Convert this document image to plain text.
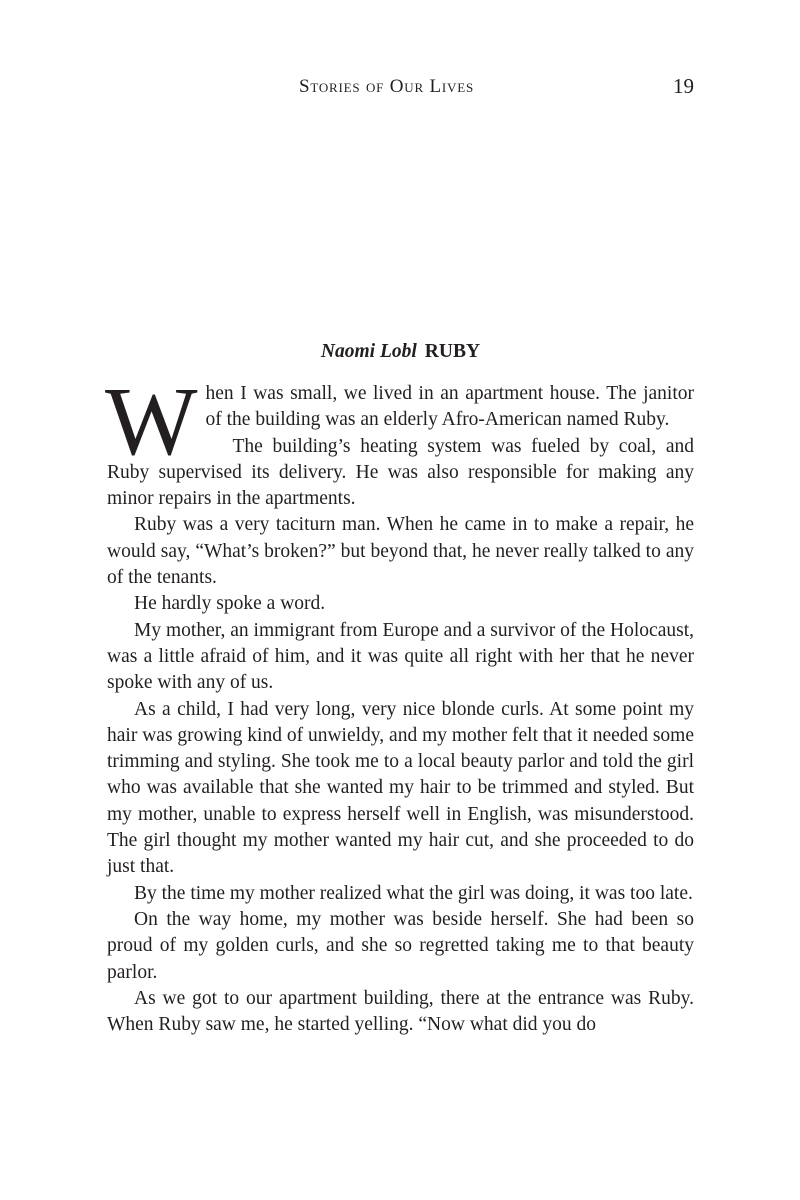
Stories of Our Lives	19
Naomi Lobl RUBY

When I was small, we lived in an apartment house. The janitor of the building was an elderly Afro-American named Ruby.

The building’s heating system was fueled by coal, and Ruby supervised its delivery. He was also responsible for making any minor repairs in the apartments.

Ruby was a very taciturn man. When he came in to make a repair, he would say, “What’s broken?” but beyond that, he never really talked to any of the tenants.

He hardly spoke a word.

My mother, an immigrant from Europe and a survivor of the Holocaust, was a little afraid of him, and it was quite all right with her that he never spoke with any of us.

As a child, I had very long, very nice blonde curls. At some point my hair was growing kind of unwieldy, and my mother felt that it needed some trimming and styling. She took me to a local beauty parlor and told the girl who was available that she wanted my hair to be trimmed and styled. But my mother, unable to express herself well in English, was misunderstood. The girl thought my mother wanted my hair cut, and she proceeded to do just that.

By the time my mother realized what the girl was doing, it was too late.

On the way home, my mother was beside herself. She had been so proud of my golden curls, and she so regretted taking me to that beauty parlor.

As we got to our apartment building, there at the entrance was Ruby. When Ruby saw me, he started yelling. “Now what did you do
